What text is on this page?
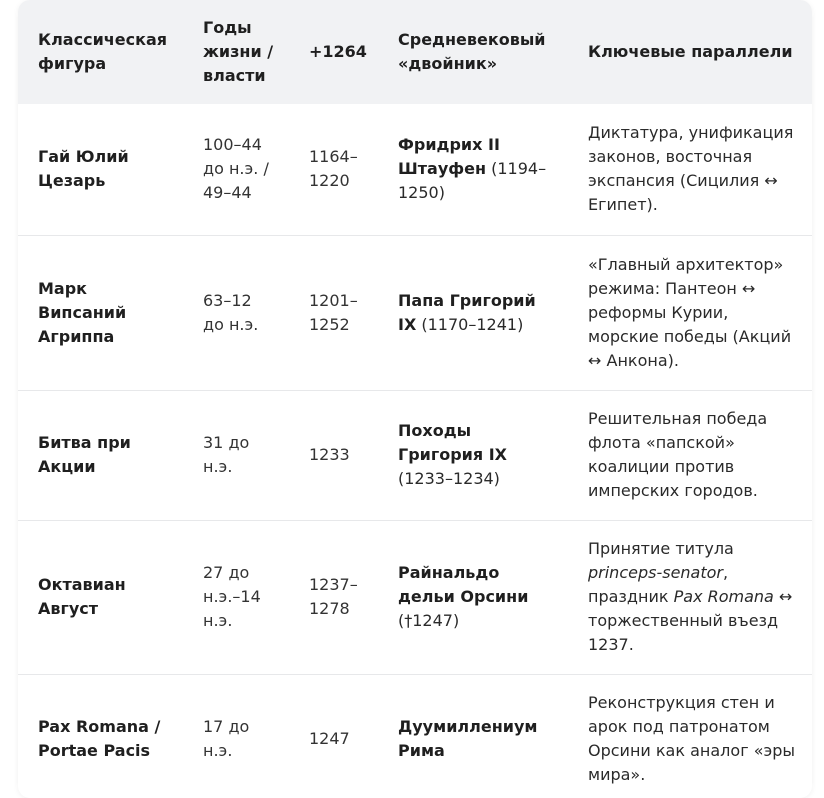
Классическая фигура	Годы жизни / власти	+1264	Средневековый «двойник»	Ключевые параллели
Гай Юлий Цезарь	100–44 до н.э. / 49–44	1164–1220	Фридрих II Штауфен (1194–1250)	Диктатура, унификация законов, восточная экспансия (Сицилия ↔ Египет).
Марк Випсаний Агриппа	63–12 до н.э.	1201–1252	Папа Григорий IX (1170–1241)	«Главный архитектор» режима: Пантеон ↔ реформы Курии, морские победы (Акций ↔ Анкона).
Битва при Акции	31 до н.э.	1233	Походы Григория IX (1233–1234)	Решительная победа флота «папской» коалиции против имперских городов.
Октавиан Август	27 до н.э.–14 н.э.	1237–1278	Райнальдо дельи Орсини (†1247)	Принятие титула princeps-senator, праздник Pax Romana ↔ торжественный въезд 1237.
Pax Romana / Portae Pacis	17 до н.э.	1247	Дуумиллениум Рима	Реконструкция стен и арок под патронатом Орсини как аналог «эры мира».
